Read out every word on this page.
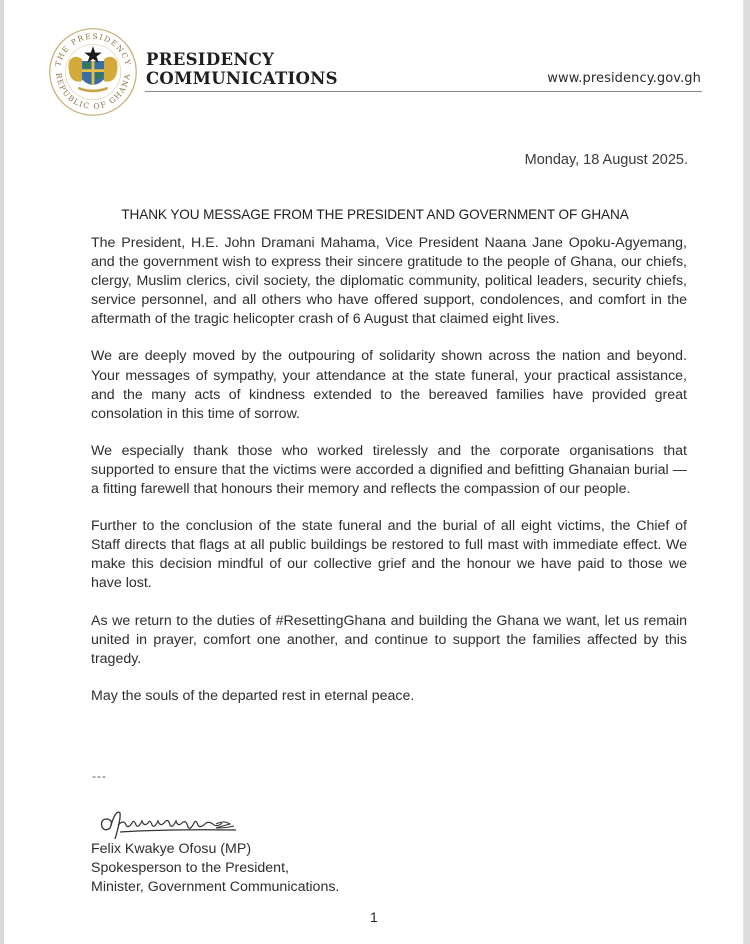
THE PRESIDENCY
REPUBLIC OF GHANA
PRESIDENCY
COMMUNICATIONS	www.presidency.gov.gh
Monday, 18 August 2025.
THANK YOU MESSAGE FROM THE PRESIDENT AND GOVERNMENT OF GHANA

The President, H.E. John Dramani Mahama, Vice President Naana Jane Opoku-Agyemang, and the government wish to express their sincere gratitude to the people of Ghana, our chiefs, clergy, Muslim clerics, civil society, the diplomatic community, political leaders, security chiefs, service personnel, and all others who have offered support, condolences, and comfort in the aftermath of the tragic helicopter crash of 6 August that claimed eight lives.

We are deeply moved by the outpouring of solidarity shown across the nation and beyond. Your messages of sympathy, your attendance at the state funeral, your practical assistance, and the many acts of kindness extended to the bereaved families have provided great consolation in this time of sorrow.

We especially thank those who worked tirelessly and the corporate organisations that supported to ensure that the victims were accorded a dignified and befitting Ghanaian burial — a fitting farewell that honours their memory and reflects the compassion of our people.

Further to the conclusion of the state funeral and the burial of all eight victims, the Chief of Staff directs that flags at all public buildings be restored to full mast with immediate effect. We make this decision mindful of our collective grief and the honour we have paid to those we have lost.

As we return to the duties of #ResettingGhana and building the Ghana we want, let us remain united in prayer, comfort one another, and continue to support the families affected by this tragedy.

May the souls of the departed rest in eternal peace.

---
Felix Kwakye Ofosu (MP)
Spokesperson to the President,
Minister, Government Communications.
1
